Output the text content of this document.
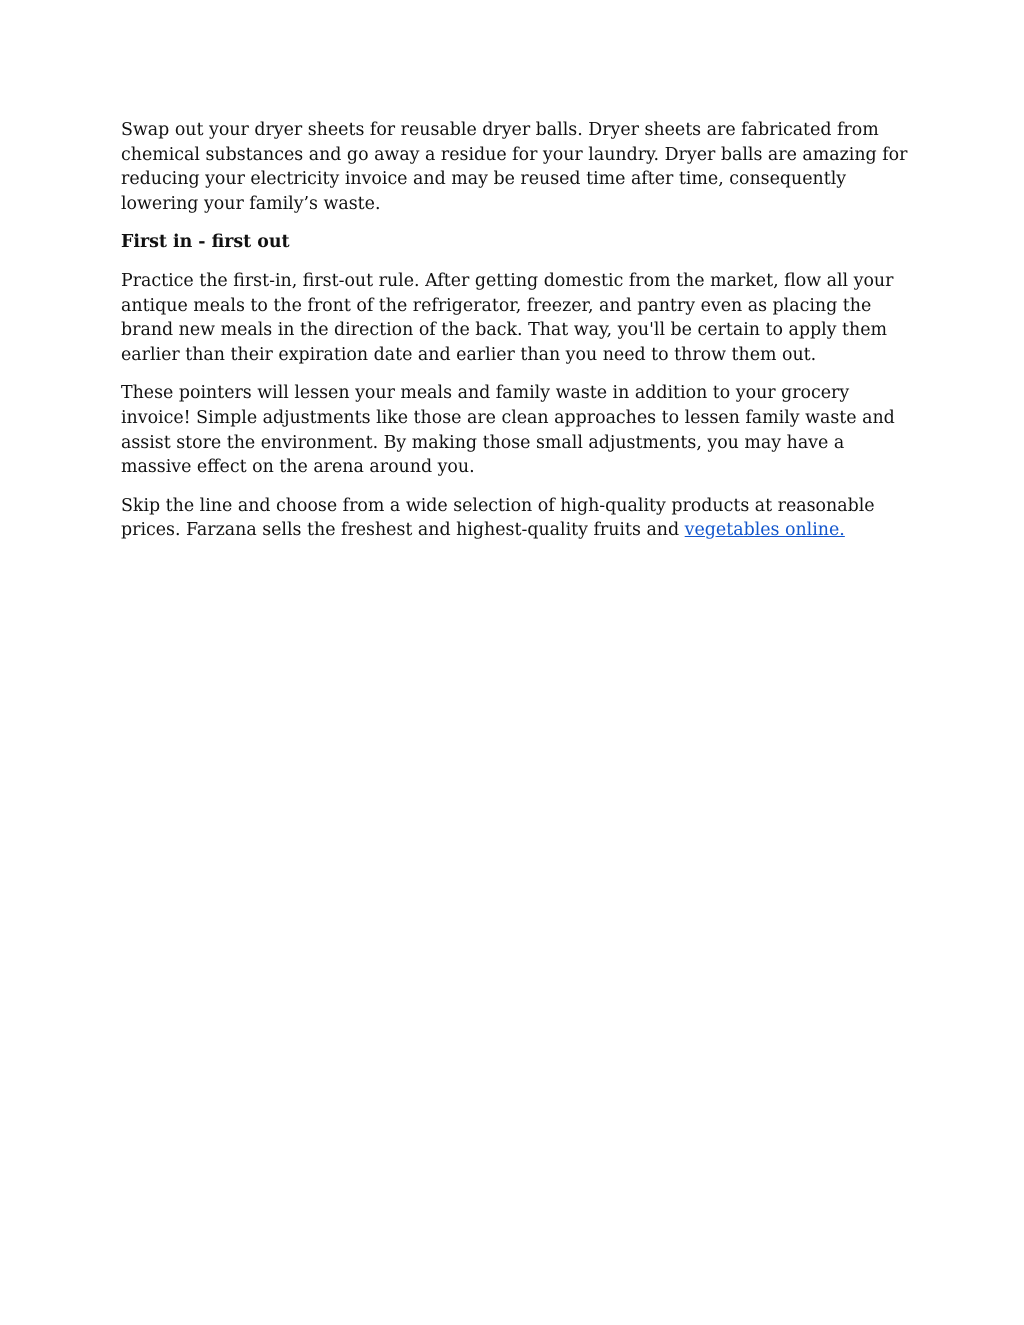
Swap out your dryer sheets for reusable dryer balls. Dryer sheets are fabricated from chemical substances and go away a residue for your laundry. Dryer balls are amazing for reducing your electricity invoice and may be reused time after time, consequently lowering your family’s waste.

First in - first out

Practice the first-in, first-out rule. After getting domestic from the market, flow all your antique meals to the front of the refrigerator, freezer, and pantry even as placing the brand new meals in the direction of the back. That way, you'll be certain to apply them earlier than their expiration date and earlier than you need to throw them out.

These pointers will lessen your meals and family waste in addition to your grocery invoice! Simple adjustments like those are clean approaches to lessen family waste and assist store the environment. By making those small adjustments, you may have a massive effect on the arena around you.

Skip the line and choose from a wide selection of high-quality products at reasonable prices. Farzana sells the freshest and highest-quality fruits and vegetables online.
